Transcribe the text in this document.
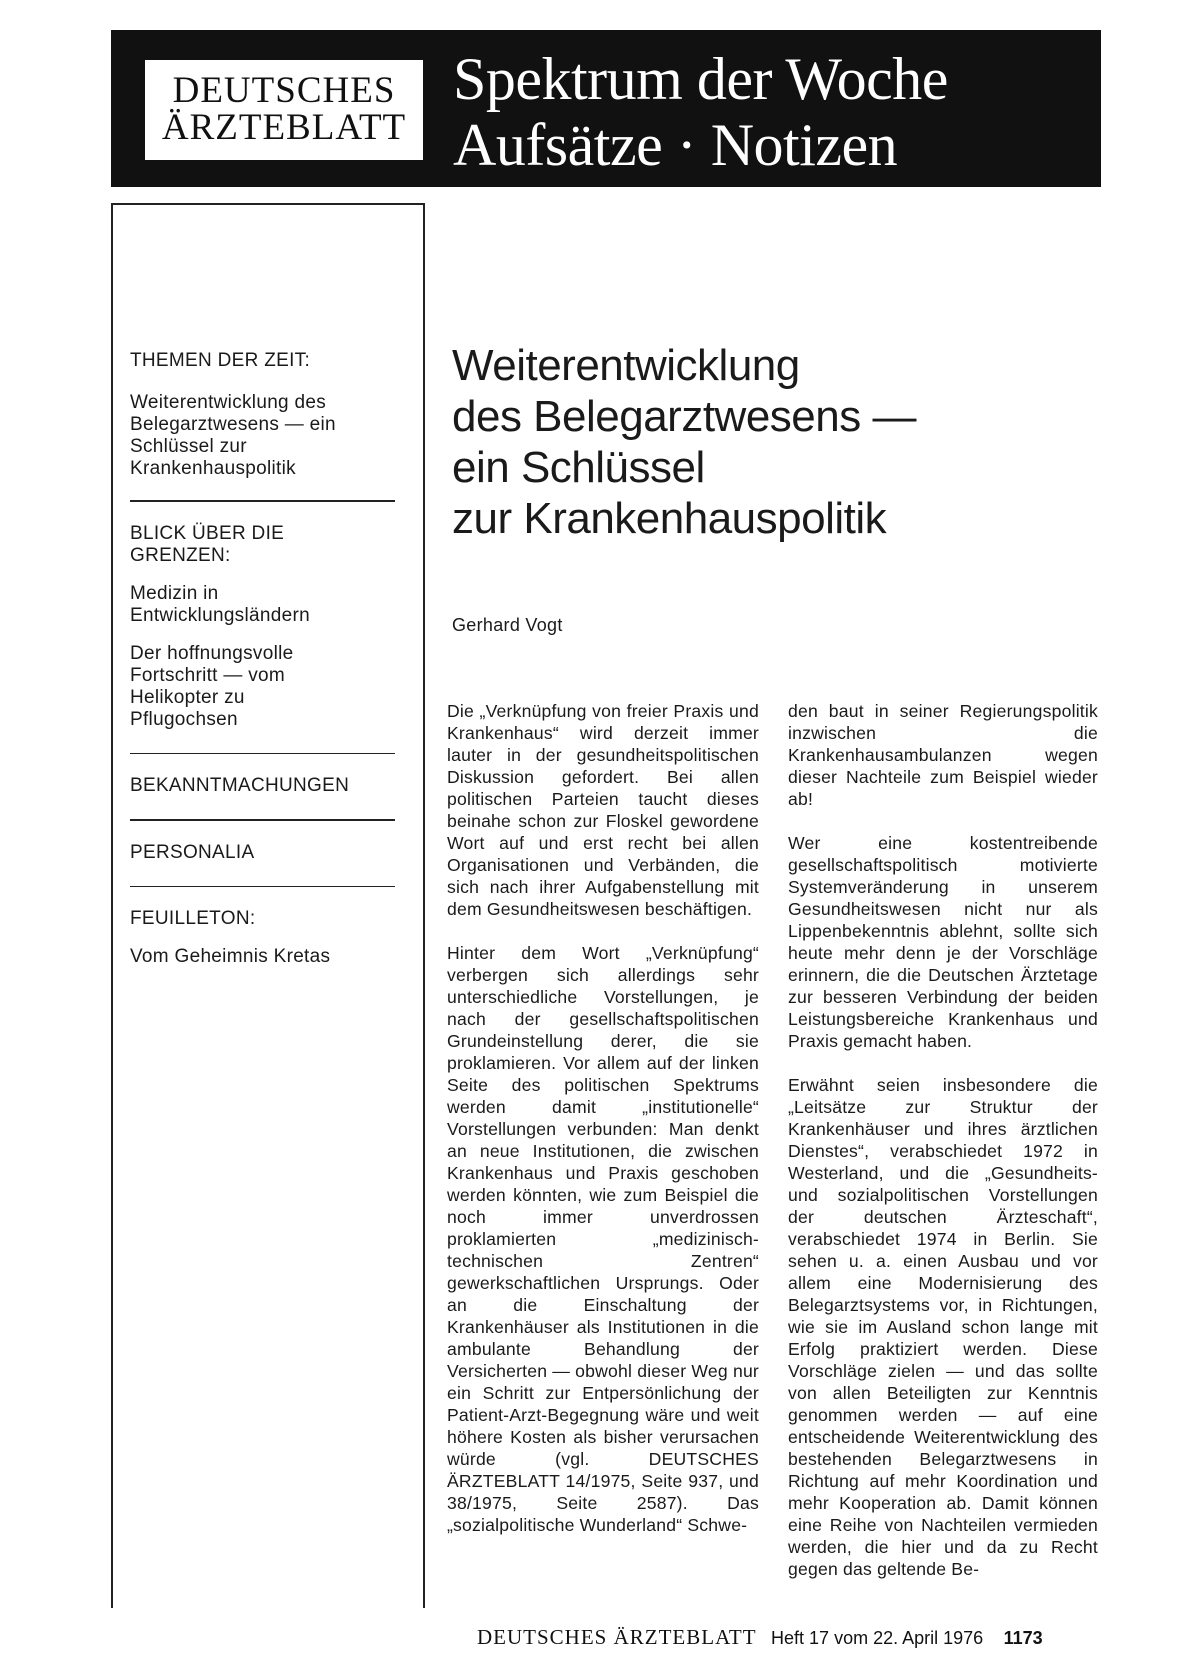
DEUTSCHES
ÄRZTEBLATT
Spektrum der Woche
Aufsätze · Notizen
THEMEN DER ZEIT:
Weiterentwicklung des Belegarztwesens — ein Schlüssel zur Krankenhauspolitik
BLICK ÜBER DIE GRENZEN:
Medizin in Entwicklungsländern
Der hoffnungsvolle Fortschritt — vom Helikopter zu Pflugochsen
BEKANNTMACHUNGEN
PERSONALIA
FEUILLETON:
Vom Geheimnis Kretas
Weiterentwicklung
des Belegarztwesens —
ein Schlüssel
zur Krankenhauspolitik
Gerhard Vogt

Die „Verknüpfung von freier Praxis und Krankenhaus“ wird derzeit immer lauter in der gesundheitspolitischen Diskussion gefordert. Bei allen politischen Parteien taucht dieses beinahe schon zur Floskel gewordene Wort auf und erst recht bei allen Organisationen und Verbänden, die sich nach ihrer Aufgabenstellung mit dem Gesundheitswesen beschäftigen.

Hinter dem Wort „Verknüpfung“ verbergen sich allerdings sehr unterschiedliche Vorstellungen, je nach der gesellschaftspolitischen Grundeinstellung derer, die sie proklamieren. Vor allem auf der linken Seite des politischen Spektrums werden damit „institutionelle“ Vorstellungen verbunden: Man denkt an neue Institutionen, die zwischen Krankenhaus und Praxis geschoben werden könnten, wie zum Beispiel die noch immer unverdrossen proklamierten „medizinisch-technischen Zentren“ gewerkschaftlichen Ursprungs. Oder an die Einschaltung der Krankenhäuser als Institutionen in die ambulante Behandlung der Versicherten — obwohl dieser Weg nur ein Schritt zur Entpersönlichung der Patient-Arzt-Begegnung wäre und weit höhere Kosten als bisher verursachen würde (vgl. DEUTSCHES ÄRZTEBLATT 14/1975, Seite 937, und 38/1975, Seite 2587). Das „sozialpolitische Wunderland“ Schwe-

den baut in seiner Regierungspolitik inzwischen die Krankenhausambulanzen wegen dieser Nachteile zum Beispiel wieder ab!

Wer eine kostentreibende gesellschaftspolitisch motivierte Systemveränderung in unserem Gesundheitswesen nicht nur als Lippenbekenntnis ablehnt, sollte sich heute mehr denn je der Vorschläge erinnern, die die Deutschen Ärztetage zur besseren Verbindung der beiden Leistungsbereiche Krankenhaus und Praxis gemacht haben.

Erwähnt seien insbesondere die „Leitsätze zur Struktur der Krankenhäuser und ihres ärztlichen Dienstes“, verabschiedet 1972 in Westerland, und die „Gesundheits- und sozialpolitischen Vorstellungen der deutschen Ärzteschaft“, verabschiedet 1974 in Berlin. Sie sehen u. a. einen Ausbau und vor allem eine Modernisierung des Belegarztsystems vor, in Richtungen, wie sie im Ausland schon lange mit Erfolg praktiziert werden. Diese Vorschläge zielen — und das sollte von allen Beteiligten zur Kenntnis genommen werden — auf eine entscheidende Weiterentwicklung des bestehenden Belegarztwesens in Richtung auf mehr Koordination und mehr Kooperation ab. Damit können eine Reihe von Nachteilen vermieden werden, die hier und da zu Recht gegen das geltende Be-

DEUTSCHES ÄRZTEBLATT Heft 17 vom 22. April 1976 1173
